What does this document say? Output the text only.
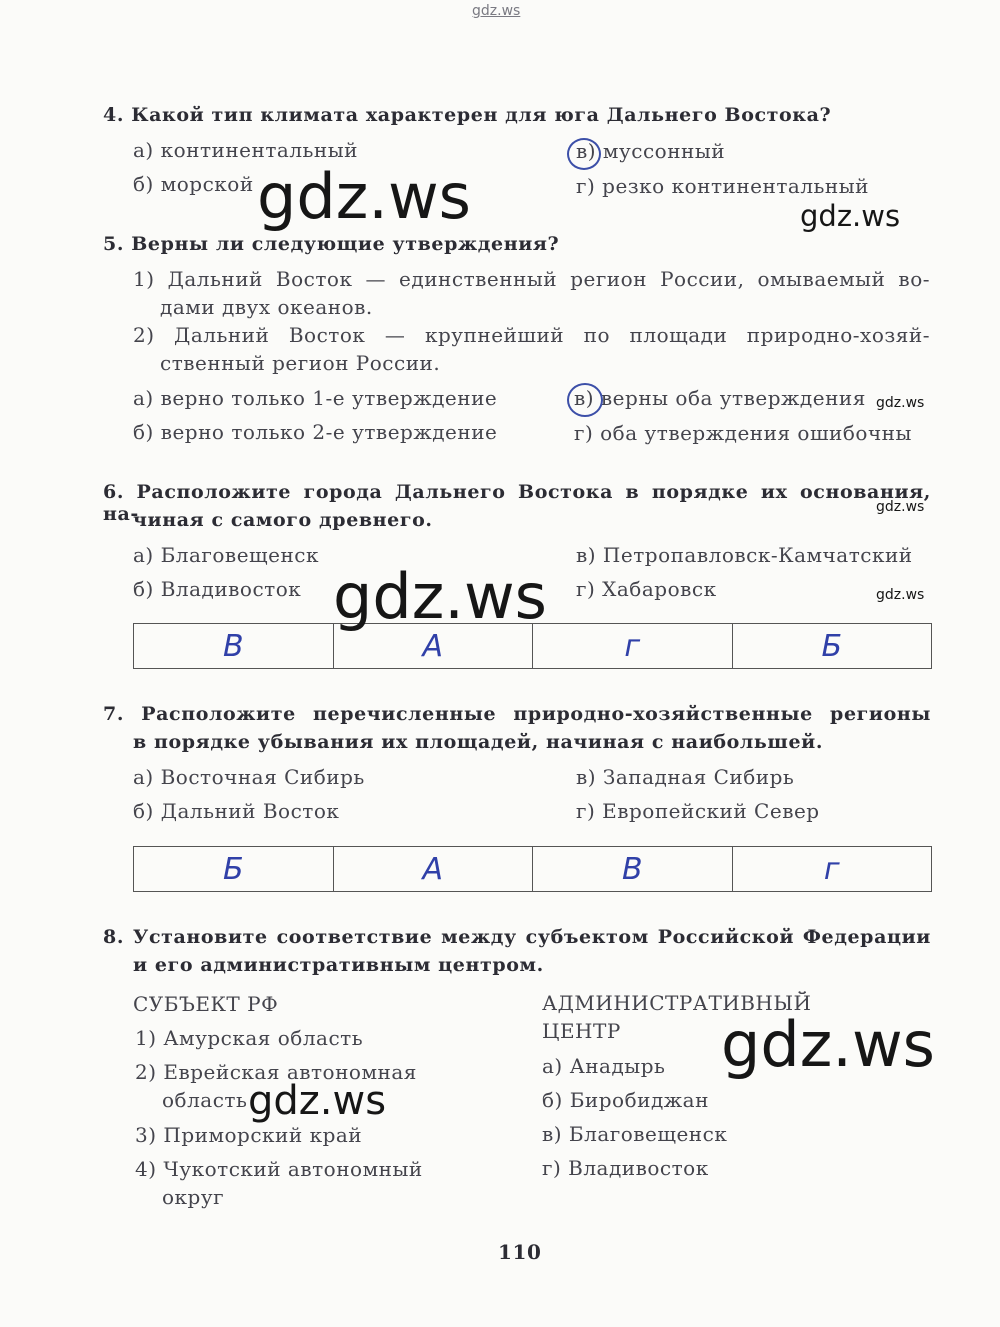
gdz.ws
4. Какой тип климата характерен для юга Дальнего Востока?
а) континентальный
б) морской
в) муссонный
г) резко континентальный
5. Верны ли следующие утверждения?
1) Дальний Восток — единственный регион России, омываемый во-
дами двух океанов.
2) Дальний Восток — крупнейший по площади природно-хозяй-
ственный регион России.
а) верно только 1-е утверждение
б) верно только 2-е утверждение
в) верны оба утверждения
г) оба утверждения ошибочны
6. Расположите города Дальнего Востока в порядке их основания, на-
чиная с самого древнего.
а) Благовещенск
б) Владивосток
в) Петропавловск-Камчатский
г) Хабаровск
В	А	г	Б
7. Расположите перечисленные природно-хозяйственные регионы
в порядке убывания их площадей, начиная с наибольшей.
а) Восточная Сибирь
б) Дальний Восток
в) Западная Сибирь
г) Европейский Север
Б	А	В	г
8. Установите соответствие между субъектом Российской Федерации
и его административным центром.
СУБЪЕКТ РФ
1) Амурская область
2) Еврейская автономная
область
3) Приморский край
4) Чукотский автономный
округ
АДМИНИСТРАТИВНЫЙ
ЦЕНТР
а) Анадырь
б) Биробиджан
в) Благовещенск
г) Владивосток
110
gdz.ws	gdz.ws
gdz.ws
gdz.ws
gdz.ws	gdz.ws
gdz.ws
gdz.ws
